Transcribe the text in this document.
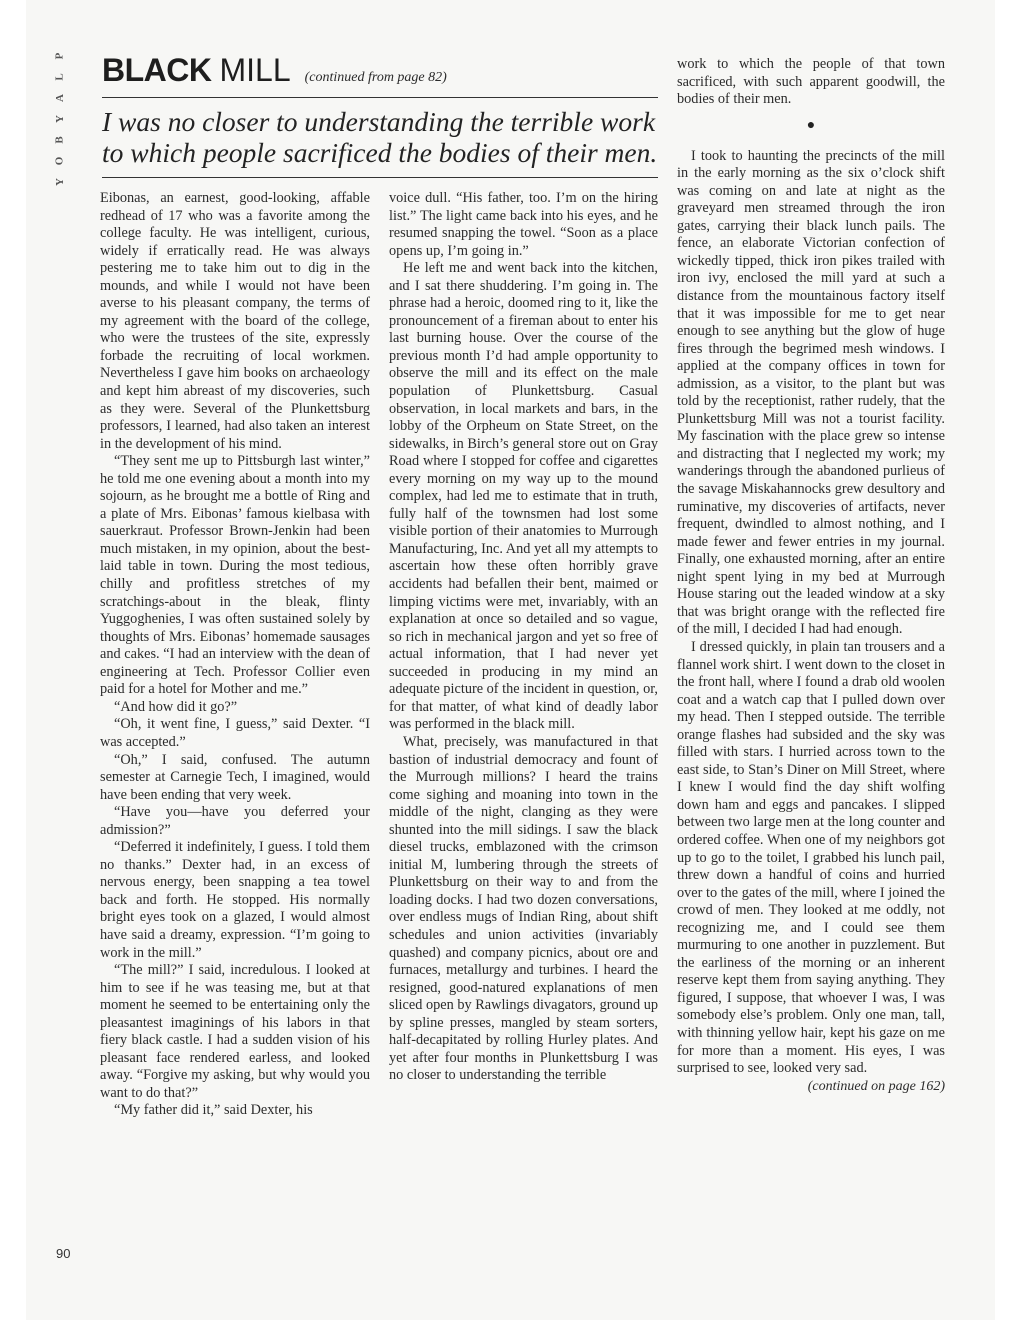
P
L
A
Y
B
O
Y
BLACK MILL (continued from page 82)
I was no closer to understanding the terrible work to which people sacrificed the bodies of their men.

Eibonas, an earnest, good-looking, affable redhead of 17 who was a favorite among the college faculty. He was intelligent, curious, widely if erratically read. He was always pestering me to take him out to dig in the mounds, and while I would not have been averse to his pleasant company, the terms of my agreement with the board of the college, who were the trustees of the site, expressly forbade the recruiting of local workmen. Nevertheless I gave him books on archaeology and kept him abreast of my discoveries, such as they were. Several of the Plunkettsburg professors, I learned, had also taken an interest in the development of his mind.

“They sent me up to Pittsburgh last winter,” he told me one evening about a month into my sojourn, as he brought me a bottle of Ring and a plate of Mrs. Eibonas’ famous kielbasa with sauerkraut. Professor Brown-Jenkin had been much mistaken, in my opinion, about the best-laid table in town. During the most tedious, chilly and profitless stretches of my scratchings-about in the bleak, flinty Yuggoghenies, I was often sustained solely by thoughts of Mrs. Eibonas’ homemade sausages and cakes. “I had an interview with the dean of engineering at Tech. Professor Collier even paid for a hotel for Mother and me.”

“And how did it go?”

“Oh, it went fine, I guess,” said Dexter. “I was accepted.”

“Oh,” I said, confused. The autumn semester at Carnegie Tech, I imagined, would have been ending that very week.

“Have you—have you deferred your admission?”

“Deferred it indefinitely, I guess. I told them no thanks.” Dexter had, in an excess of nervous energy, been snapping a tea towel back and forth. He stopped. His normally bright eyes took on a glazed, I would almost have said a dreamy, expression. “I’m going to work in the mill.”

“The mill?” I said, incredulous. I looked at him to see if he was teasing me, but at that moment he seemed to be entertaining only the pleasantest imaginings of his labors in that fiery black castle. I had a sudden vision of his pleasant face rendered earless, and looked away. “Forgive my asking, but why would you want to do that?”

“My father did it,” said Dexter, his

voice dull. “His father, too. I’m on the hiring list.” The light came back into his eyes, and he resumed snapping the towel. “Soon as a place opens up, I’m going in.”

He left me and went back into the kitchen, and I sat there shuddering. I’m going in. The phrase had a heroic, doomed ring to it, like the pronouncement of a fireman about to enter his last burning house. Over the course of the previous month I’d had ample opportunity to observe the mill and its effect on the male population of Plunkettsburg. Casual observation, in local markets and bars, in the lobby of the Orpheum on State Street, on the sidewalks, in Birch’s general store out on Gray Road where I stopped for coffee and cigarettes every morning on my way up to the mound complex, had led me to estimate that in truth, fully half of the townsmen had lost some visible portion of their anatomies to Murrough Manufacturing, Inc. And yet all my attempts to ascertain how these often horribly grave accidents had befallen their bent, maimed or limping victims were met, invariably, with an explanation at once so detailed and so vague, so rich in mechanical jargon and yet so free of actual information, that I had never yet succeeded in producing in my mind an adequate picture of the incident in question, or, for that matter, of what kind of deadly labor was performed in the black mill.

What, precisely, was manufactured in that bastion of industrial democracy and fount of the Murrough millions? I heard the trains come sighing and moaning into town in the middle of the night, clanging as they were shunted into the mill sidings. I saw the black diesel trucks, emblazoned with the crimson initial M, lumbering through the streets of Plunkettsburg on their way to and from the loading docks. I had two dozen conversations, over endless mugs of Indian Ring, about shift schedules and union activities (invariably quashed) and company picnics, about ore and furnaces, metallurgy and turbines. I heard the resigned, good-natured explanations of men sliced open by Rawlings divagators, ground up by spline presses, mangled by steam sorters, half-decapitated by rolling Hurley plates. And yet after four months in Plunkettsburg I was no closer to understanding the terrible

work to which the people of that town sacrificed, with such apparent goodwill, the bodies of their men.

●

I took to haunting the precincts of the mill in the early morning as the six o’clock shift was coming on and late at night as the graveyard men streamed through the iron gates, carrying their black lunch pails. The fence, an elaborate Victorian confection of wickedly tipped, thick iron pikes trailed with iron ivy, enclosed the mill yard at such a distance from the mountainous factory itself that it was impossible for me to get near enough to see anything but the glow of huge fires through the begrimed mesh windows. I applied at the company offices in town for admission, as a visitor, to the plant but was told by the receptionist, rather rudely, that the Plunkettsburg Mill was not a tourist facility. My fascination with the place grew so intense and distracting that I neglected my work; my wanderings through the abandoned purlieus of the savage Miskahannocks grew desultory and ruminative, my discoveries of artifacts, never frequent, dwindled to almost nothing, and I made fewer and fewer entries in my journal. Finally, one exhausted morning, after an entire night spent lying in my bed at Murrough House staring out the leaded window at a sky that was bright orange with the reflected fire of the mill, I decided I had had enough.

I dressed quickly, in plain tan trousers and a flannel work shirt. I went down to the closet in the front hall, where I found a drab old woolen coat and a watch cap that I pulled down over my head. Then I stepped outside. The terrible orange flashes had subsided and the sky was filled with stars. I hurried across town to the east side, to Stan’s Diner on Mill Street, where I knew I would find the day shift wolfing down ham and eggs and pancakes. I slipped between two large men at the long counter and ordered coffee. When one of my neighbors got up to go to the toilet, I grabbed his lunch pail, threw down a handful of coins and hurried over to the gates of the mill, where I joined the crowd of men. They looked at me oddly, not recognizing me, and I could see them murmuring to one another in puzzlement. But the earliness of the morning or an inherent reserve kept them from saying anything. They figured, I suppose, that whoever I was, I was somebody else’s problem. Only one man, tall, with thinning yellow hair, kept his gaze on me for more than a moment. His eyes, I was surprised to see, looked very sad.

(continued on page 162)
90
